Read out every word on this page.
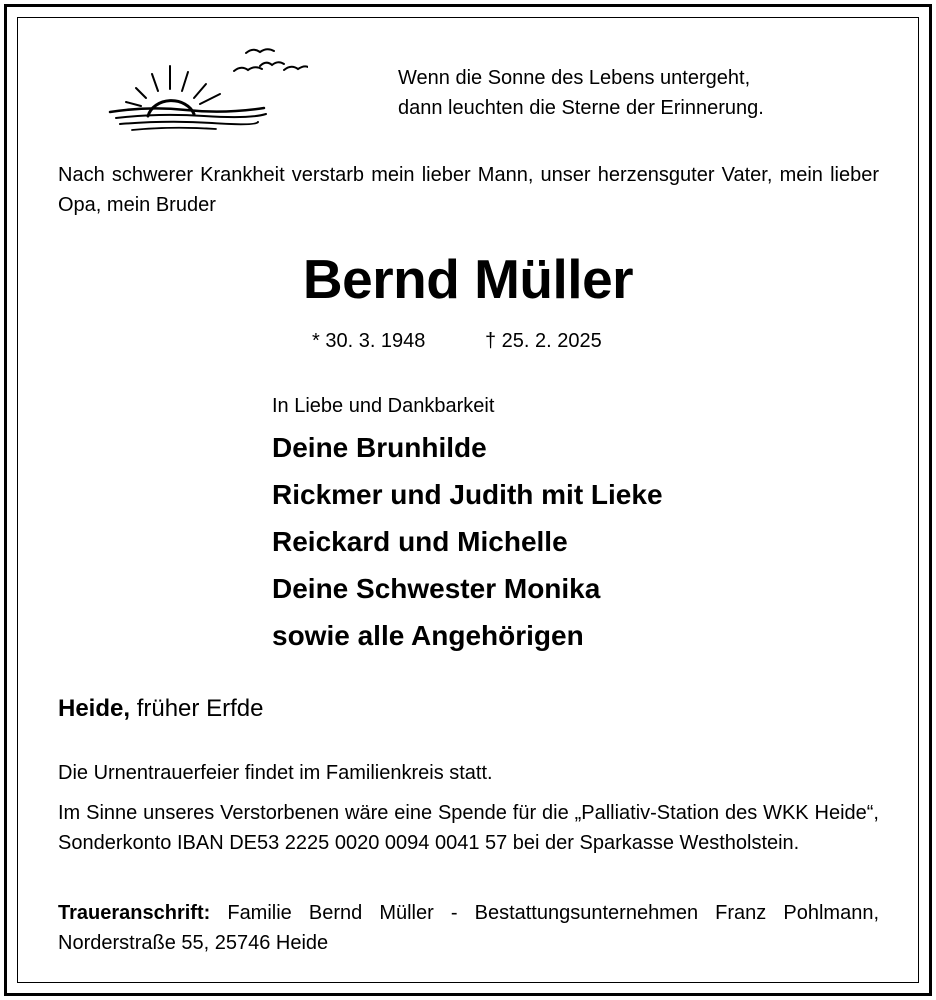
Wenn die Sonne des Lebens untergeht,
dann leuchten die Sterne der Erinnerung.
Nach schwerer Krankheit verstarb mein lieber Mann, unser herzensguter Vater, mein lieber Opa, mein Bruder
Bernd Müller
* 30. 3. 1948	† 25. 2. 2025
In Liebe und Dankbarkeit
Deine Brunhilde
Rickmer und Judith mit Lieke
Reickard und Michelle
Deine Schwester Monika
sowie alle Angehörigen
Heide, früher Erfde
Die Urnentrauerfeier findet im Familienkreis statt.
Im Sinne unseres Verstorbenen wäre eine Spende für die „Palliativ-Station des WKK Heide“, Sonderkonto IBAN DE53 2225 0020 0094 0041 57 bei der Sparkasse Westholstein.
Traueranschrift: Familie Bernd Müller - Bestattungsunternehmen Franz Pohlmann, Norderstraße 55, 25746 Heide
